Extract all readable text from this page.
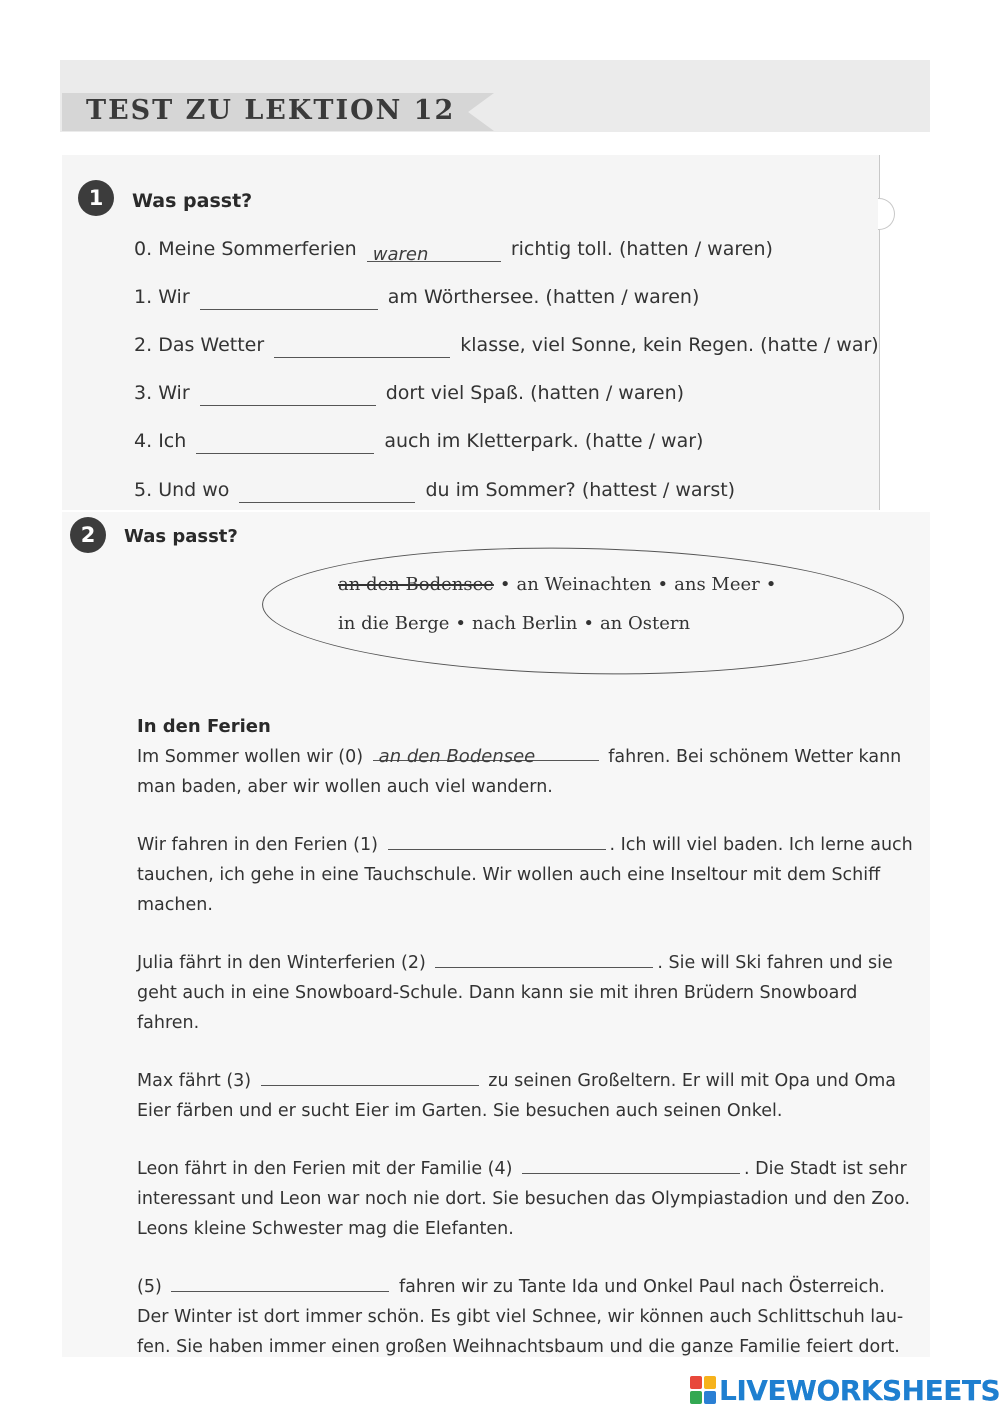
TEST ZU LEKTION 12
1	Was passt?
0. Meine Sommerferien waren	richtig toll. (hatten / waren)
1. Wir	am Wörthersee. (hatten / waren)
2. Das Wetter	klasse, viel Sonne, kein Regen. (hatte / war)
3. Wir	dort viel Spaß. (hatten / waren)
4. Ich	auch im Kletterpark. (hatte / war)
5. Und wo	du im Sommer? (hattest / warst)
2	Was passt?
an den Bodensee • an Weinachten • ans Meer •
in die Berge • nach Berlin • an Ostern
In den Ferien

Im Sommer wollen wir (0) an den Bodensee	fahren. Bei schönem Wetter kann man baden, aber wir wollen auch viel wandern.

Wir fahren in den Ferien (1)	. Ich will viel baden. Ich lerne auch tauchen, ich gehe in eine Tauchschule. Wir wollen auch eine Inseltour mit dem Schiff machen.

Julia fährt in den Winterferien (2)	. Sie will Ski fahren und sie geht auch in eine Snowboard-Schule. Dann kann sie mit ihren Brüdern Snowboard fahren.

Max fährt (3)	zu seinen Großeltern. Er will mit Opa und Oma Eier färben und er sucht Eier im Garten. Sie besuchen auch seinen Onkel.

Leon fährt in den Ferien mit der Familie (4)	. Die Stadt ist sehr interessant und Leon war noch nie dort. Sie besuchen das Olympiastadion und den Zoo. Leons kleine Schwester mag die Elefanten.

(5)	fahren wir zu Tante Ida und Onkel Paul nach Österreich. Der Winter ist dort immer schön. Es gibt viel Schnee, wir können auch Schlittschuh lau-fen. Sie haben immer einen großen Weihnachtsbaum und die ganze Familie feiert dort.

LIVEWORKSHEETS
